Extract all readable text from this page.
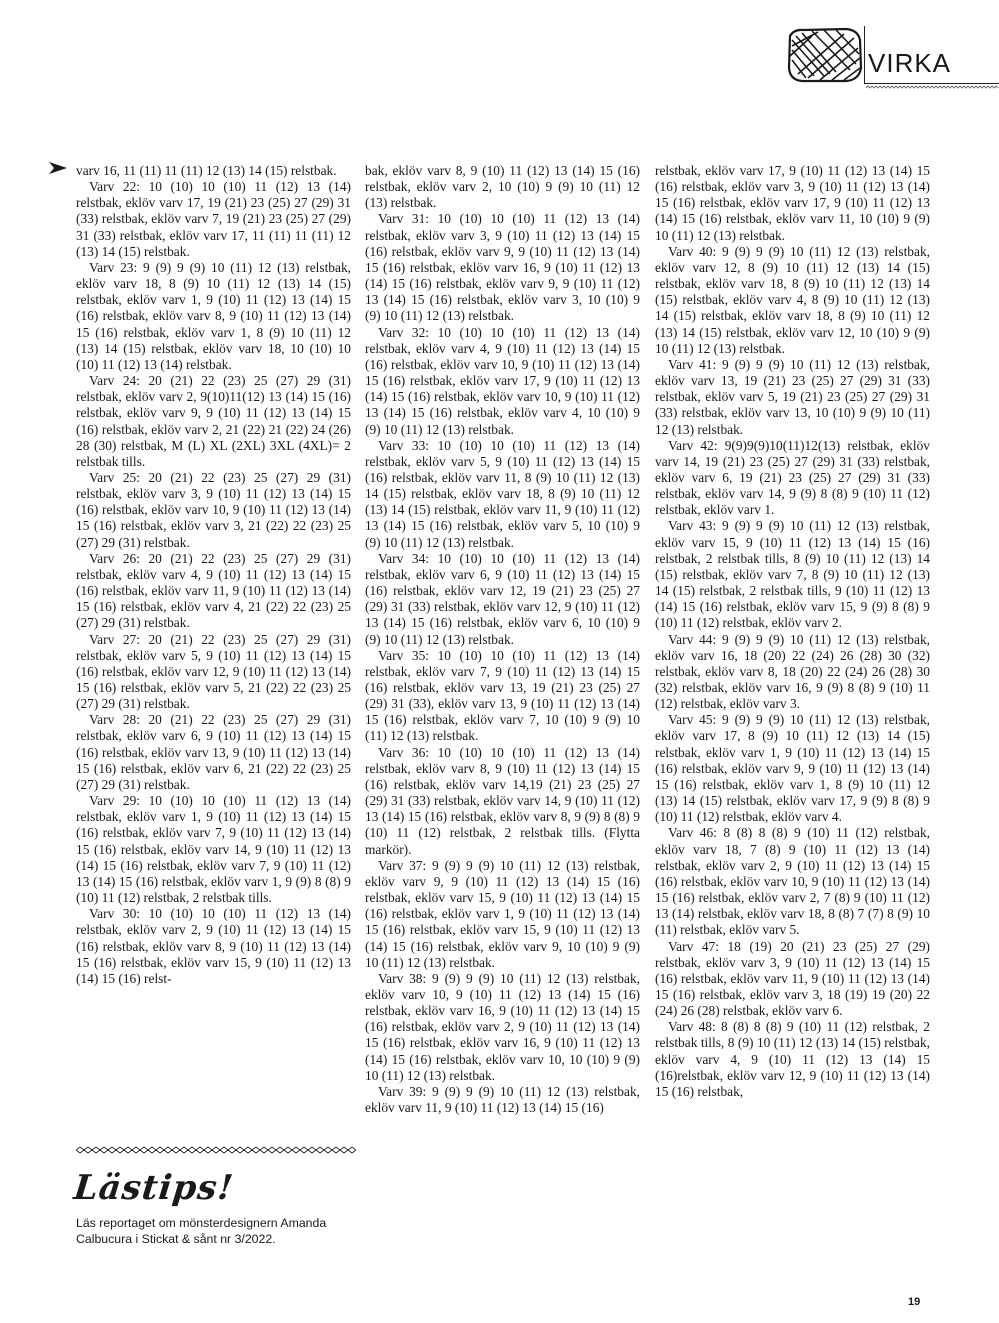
VIRKA

varv 16, 11 (11) 11 (11) 12 (13) 14 (15) relstbak.

Varv 22: 10 (10) 10 (10) 11 (12) 13 (14) relstbak, eklöv varv 17, 19 (21) 23 (25) 27 (29) 31 (33) relstbak, eklöv varv 7, 19 (21) 23 (25) 27 (29) 31 (33) relstbak, eklöv varv 17, 11 (11) 11 (11) 12 (13) 14 (15) relstbak.

Varv 23: 9 (9) 9 (9) 10 (11) 12 (13) relstbak, eklöv varv 18, 8 (9) 10 (11) 12 (13) 14 (15) relstbak, eklöv varv 1, 9 (10) 11 (12) 13 (14) 15 (16) relstbak, eklöv varv 8, 9 (10) 11 (12) 13 (14) 15 (16) relstbak, eklöv varv 1, 8 (9) 10 (11) 12 (13) 14 (15) relstbak, eklöv varv 18, 10 (10) 10 (10) 11 (12) 13 (14) relstbak.

Varv 24: 20 (21) 22 (23) 25 (27) 29 (31) relstbak, eklöv varv 2, 9(10)11(12) 13 (14) 15 (16) relstbak, eklöv varv 9, 9 (10) 11 (12) 13 (14) 15 (16) relstbak, eklöv varv 2, 21 (22) 21 (22) 24 (26) 28 (30) relstbak, M (L) XL (2XL) 3XL (4XL)= 2 relstbak tills.

Varv 25: 20 (21) 22 (23) 25 (27) 29 (31) relstbak, eklöv varv 3, 9 (10) 11 (12) 13 (14) 15 (16) relstbak, eklöv varv 10, 9 (10) 11 (12) 13 (14) 15 (16) relstbak, eklöv varv 3, 21 (22) 22 (23) 25 (27) 29 (31) relstbak.

Varv 26: 20 (21) 22 (23) 25 (27) 29 (31) relstbak, eklöv varv 4, 9 (10) 11 (12) 13 (14) 15 (16) relstbak, eklöv varv 11, 9 (10) 11 (12) 13 (14) 15 (16) relstbak, eklöv varv 4, 21 (22) 22 (23) 25 (27) 29 (31) relstbak.

Varv 27: 20 (21) 22 (23) 25 (27) 29 (31) relstbak, eklöv varv 5, 9 (10) 11 (12) 13 (14) 15 (16) relstbak, eklöv varv 12, 9 (10) 11 (12) 13 (14) 15 (16) relstbak, eklöv varv 5, 21 (22) 22 (23) 25 (27) 29 (31) relstbak.

Varv 28: 20 (21) 22 (23) 25 (27) 29 (31) relstbak, eklöv varv 6, 9 (10) 11 (12) 13 (14) 15 (16) relstbak, eklöv varv 13, 9 (10) 11 (12) 13 (14) 15 (16) relstbak, eklöv varv 6, 21 (22) 22 (23) 25 (27) 29 (31) relstbak.

Varv 29: 10 (10) 10 (10) 11 (12) 13 (14) relstbak, eklöv varv 1, 9 (10) 11 (12) 13 (14) 15 (16) relstbak, eklöv varv 7, 9 (10) 11 (12) 13 (14) 15 (16) relstbak, eklöv varv 14, 9 (10) 11 (12) 13 (14) 15 (16) relstbak, eklöv varv 7, 9 (10) 11 (12) 13 (14) 15 (16) relstbak, eklöv varv 1, 9 (9) 8 (8) 9 (10) 11 (12) relstbak, 2 relstbak tills.

Varv 30: 10 (10) 10 (10) 11 (12) 13 (14) relstbak, eklöv varv 2, 9 (10) 11 (12) 13 (14) 15 (16) relstbak, eklöv varv 8, 9 (10) 11 (12) 13 (14) 15 (16) relstbak, eklöv varv 15, 9 (10) 11 (12) 13 (14) 15 (16) relst-

bak, eklöv varv 8, 9 (10) 11 (12) 13 (14) 15 (16) relstbak, eklöv varv 2, 10 (10) 9 (9) 10 (11) 12 (13) relstbak.

Varv 31: 10 (10) 10 (10) 11 (12) 13 (14) relstbak, eklöv varv 3, 9 (10) 11 (12) 13 (14) 15 (16) relstbak, eklöv varv 9, 9 (10) 11 (12) 13 (14) 15 (16) relstbak, eklöv varv 16, 9 (10) 11 (12) 13 (14) 15 (16) relstbak, eklöv varv 9, 9 (10) 11 (12) 13 (14) 15 (16) relstbak, eklöv varv 3, 10 (10) 9 (9) 10 (11) 12 (13) relstbak.

Varv 32: 10 (10) 10 (10) 11 (12) 13 (14) relstbak, eklöv varv 4, 9 (10) 11 (12) 13 (14) 15 (16) relstbak, eklöv varv 10, 9 (10) 11 (12) 13 (14) 15 (16) relstbak, eklöv varv 17, 9 (10) 11 (12) 13 (14) 15 (16) relstbak, eklöv varv 10, 9 (10) 11 (12) 13 (14) 15 (16) relstbak, eklöv varv 4, 10 (10) 9 (9) 10 (11) 12 (13) relstbak.

Varv 33: 10 (10) 10 (10) 11 (12) 13 (14) relstbak, eklöv varv 5, 9 (10) 11 (12) 13 (14) 15 (16) relstbak, eklöv varv 11, 8 (9) 10 (11) 12 (13) 14 (15) relstbak, eklöv varv 18, 8 (9) 10 (11) 12 (13) 14 (15) relstbak, eklöv varv 11, 9 (10) 11 (12) 13 (14) 15 (16) relstbak, eklöv varv 5, 10 (10) 9 (9) 10 (11) 12 (13) relstbak.

Varv 34: 10 (10) 10 (10) 11 (12) 13 (14) relstbak, eklöv varv 6, 9 (10) 11 (12) 13 (14) 15 (16) relstbak, eklöv varv 12, 19 (21) 23 (25) 27 (29) 31 (33) relstbak, eklöv varv 12, 9 (10) 11 (12) 13 (14) 15 (16) relstbak, eklöv varv 6, 10 (10) 9 (9) 10 (11) 12 (13) relstbak.

Varv 35: 10 (10) 10 (10) 11 (12) 13 (14) relstbak, eklöv varv 7, 9 (10) 11 (12) 13 (14) 15 (16) relstbak, eklöv varv 13, 19 (21) 23 (25) 27 (29) 31 (33), eklöv varv 13, 9 (10) 11 (12) 13 (14) 15 (16) relstbak, eklöv varv 7, 10 (10) 9 (9) 10 (11) 12 (13) relstbak.

Varv 36: 10 (10) 10 (10) 11 (12) 13 (14) relstbak, eklöv varv 8, 9 (10) 11 (12) 13 (14) 15 (16) relstbak, eklöv varv 14,19 (21) 23 (25) 27 (29) 31 (33) relstbak, eklöv varv 14, 9 (10) 11 (12) 13 (14) 15 (16) relstbak, eklöv varv 8, 9 (9) 8 (8) 9 (10) 11 (12) relstbak, 2 relstbak tills. (Flytta markör).

Varv 37: 9 (9) 9 (9) 10 (11) 12 (13) relstbak, eklöv varv 9, 9 (10) 11 (12) 13 (14) 15 (16) relstbak, eklöv varv 15, 9 (10) 11 (12) 13 (14) 15 (16) relstbak, eklöv varv 1, 9 (10) 11 (12) 13 (14) 15 (16) relstbak, eklöv varv 15, 9 (10) 11 (12) 13 (14) 15 (16) relstbak, eklöv varv 9, 10 (10) 9 (9) 10 (11) 12 (13) relstbak.

Varv 38: 9 (9) 9 (9) 10 (11) 12 (13) relstbak, eklöv varv 10, 9 (10) 11 (12) 13 (14) 15 (16) relstbak, eklöv varv 16, 9 (10) 11 (12) 13 (14) 15 (16) relstbak, eklöv varv 2, 9 (10) 11 (12) 13 (14) 15 (16) relstbak, eklöv varv 16, 9 (10) 11 (12) 13 (14) 15 (16) relstbak, eklöv varv 10, 10 (10) 9 (9) 10 (11) 12 (13) relstbak.

Varv 39: 9 (9) 9 (9) 10 (11) 12 (13) relstbak, eklöv varv 11, 9 (10) 11 (12) 13 (14) 15 (16)

relstbak, eklöv varv 17, 9 (10) 11 (12) 13 (14) 15 (16) relstbak, eklöv varv 3, 9 (10) 11 (12) 13 (14) 15 (16) relstbak, eklöv varv 17, 9 (10) 11 (12) 13 (14) 15 (16) relstbak, eklöv varv 11, 10 (10) 9 (9) 10 (11) 12 (13) relstbak.

Varv 40: 9 (9) 9 (9) 10 (11) 12 (13) relstbak, eklöv varv 12, 8 (9) 10 (11) 12 (13) 14 (15) relstbak, eklöv varv 18, 8 (9) 10 (11) 12 (13) 14 (15) relstbak, eklöv varv 4, 8 (9) 10 (11) 12 (13) 14 (15) relstbak, eklöv varv 18, 8 (9) 10 (11) 12 (13) 14 (15) relstbak, eklöv varv 12, 10 (10) 9 (9) 10 (11) 12 (13) relstbak.

Varv 41: 9 (9) 9 (9) 10 (11) 12 (13) relstbak, eklöv varv 13, 19 (21) 23 (25) 27 (29) 31 (33) relstbak, eklöv varv 5, 19 (21) 23 (25) 27 (29) 31 (33) relstbak, eklöv varv 13, 10 (10) 9 (9) 10 (11) 12 (13) relstbak.

Varv 42: 9(9)9(9)10(11)12(13) relstbak, eklöv varv 14, 19 (21) 23 (25) 27 (29) 31 (33) relstbak, eklöv varv 6, 19 (21) 23 (25) 27 (29) 31 (33) relstbak, eklöv varv 14, 9 (9) 8 (8) 9 (10) 11 (12) relstbak, eklöv varv 1.

Varv 43: 9 (9) 9 (9) 10 (11) 12 (13) relstbak, eklöv varv 15, 9 (10) 11 (12) 13 (14) 15 (16) relstbak, 2 relstbak tills, 8 (9) 10 (11) 12 (13) 14 (15) relstbak, eklöv varv 7, 8 (9) 10 (11) 12 (13) 14 (15) relstbak, 2 relstbak tills, 9 (10) 11 (12) 13 (14) 15 (16) relstbak, eklöv varv 15, 9 (9) 8 (8) 9 (10) 11 (12) relstbak, eklöv varv 2.

Varv 44: 9 (9) 9 (9) 10 (11) 12 (13) relstbak, eklöv varv 16, 18 (20) 22 (24) 26 (28) 30 (32) relstbak, eklöv varv 8, 18 (20) 22 (24) 26 (28) 30 (32) relstbak, eklöv varv 16, 9 (9) 8 (8) 9 (10) 11 (12) relstbak, eklöv varv 3.

Varv 45: 9 (9) 9 (9) 10 (11) 12 (13) relstbak, eklöv varv 17, 8 (9) 10 (11) 12 (13) 14 (15) relstbak, eklöv varv 1, 9 (10) 11 (12) 13 (14) 15 (16) relstbak, eklöv varv 9, 9 (10) 11 (12) 13 (14) 15 (16) relstbak, eklöv varv 1, 8 (9) 10 (11) 12 (13) 14 (15) relstbak, eklöv varv 17, 9 (9) 8 (8) 9 (10) 11 (12) relstbak, eklöv varv 4.

Varv 46: 8 (8) 8 (8) 9 (10) 11 (12) relstbak, eklöv varv 18, 7 (8) 9 (10) 11 (12) 13 (14) relstbak, eklöv varv 2, 9 (10) 11 (12) 13 (14) 15 (16) relstbak, eklöv varv 10, 9 (10) 11 (12) 13 (14) 15 (16) relstbak, eklöv varv 2, 7 (8) 9 (10) 11 (12) 13 (14) relstbak, eklöv varv 18, 8 (8) 7 (7) 8 (9) 10 (11) relstbak, eklöv varv 5.

Varv 47: 18 (19) 20 (21) 23 (25) 27 (29) relstbak, eklöv varv 3, 9 (10) 11 (12) 13 (14) 15 (16) relstbak, eklöv varv 11, 9 (10) 11 (12) 13 (14) 15 (16) relstbak, eklöv varv 3, 18 (19) 19 (20) 22 (24) 26 (28) relstbak, eklöv varv 6.

Varv 48: 8 (8) 8 (8) 9 (10) 11 (12) relstbak, 2 relstbak tills, 8 (9) 10 (11) 12 (13) 14 (15) relstbak, eklöv varv 4, 9 (10) 11 (12) 13 (14) 15 (16)relstbak, eklöv varv 12, 9 (10) 11 (12) 13 (14) 15 (16) relstbak,

Lästips!
Läs reportaget om mönsterdesignern Amanda Calbucura i Stickat & sånt nr 3/2022.
19
